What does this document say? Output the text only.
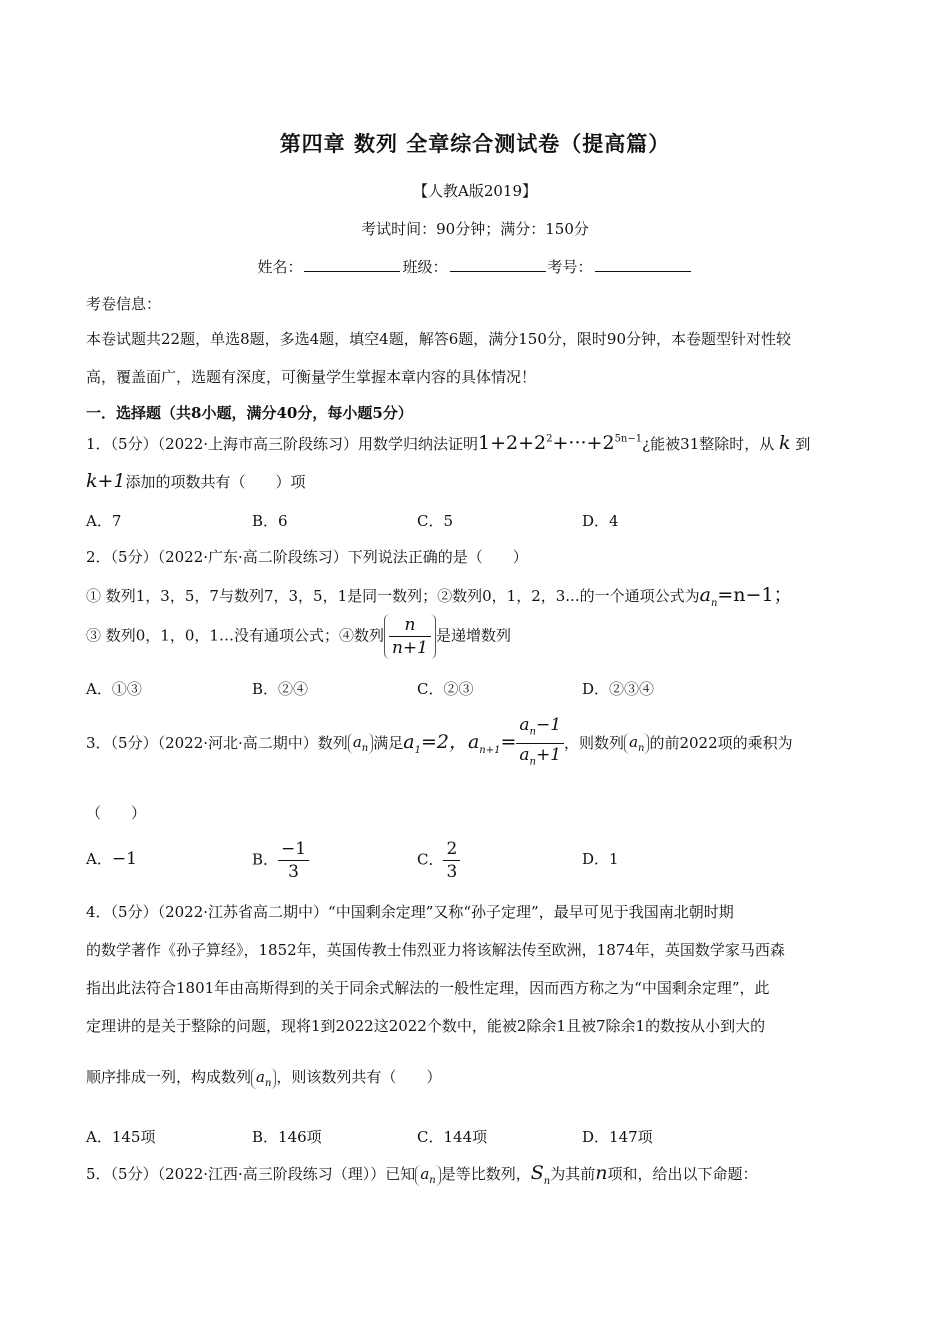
第四章 数列 全章综合测试卷（提高篇）
【人教A版2019】
考试时间：90分钟；满分：150分
姓名：	班级：	考号：
考卷信息：
本卷试题共22题，单选8题，多选4题，填空4题，解答6题，满分150分，限时90分钟，本卷题型针对性较
高，覆盖面广，选题有深度，可衡量学生掌握本章内容的具体情况！
一．选择题（共8小题，满分40分，每小题5分）
1．（5分）（2022·上海市高三阶段练习）用数学归纳法证明$1+2+2^2+\cdot\cdot\cdot+2^{5n-1}¿$能被31整除时，从 k 到
k+1添加的项数共有（　　）项
A．7	B．6	C．5	D．4
2．（5分）（2022·广东·高二阶段练习）下列说法正确的是（　　）
① 数列1，3，5，7与数列7，3，5，1是同一数列；②数列0，1，2，3...的一个通项公式为$a_n=n-1$；
③ 数列0，1，0，1…没有通项公式；④数列 $\frac{n}{n+1}$ 是递增数列
A．①③	B．②④	C．②③	D．②③④
3．（5分）（2022·河北·高二期中）数列 $a_n$ 满足$a_1=2$，$a_{n+1}= \frac{a_n-1}{a_n+1}$ ，则数列 $a_n$ 的前2022项的乘积为
（　　）
A．−1	B． $\frac{-1}{3}$	C． $\frac{2}{3}$	D．1
4．（5分）（2022·江苏省高二期中）“中国剩余定理”又称“孙子定理”，最早可见于我国南北朝时期
的数学著作《孙子算经》，1852年，英国传教士伟烈亚力将该解法传至欧洲，1874年，英国数学家马西森
指出此法符合1801年由高斯得到的关于同余式解法的一般性定理，因而西方称之为“中国剩余定理”，此
定理讲的是关于整除的问题，现将1到2022这2022个数中，能被2除余1且被7除余1的数按从小到大的
顺序排成一列，构成数列 $a_n$ ，则该数列共有（　　）
A．145项	B．146项	C．144项	D．147项
5．（5分）（2022·江西·高三阶段练习（理））已知 $a_n$ 是等比数列，$S_n$为其前n项和，给出以下命题：
